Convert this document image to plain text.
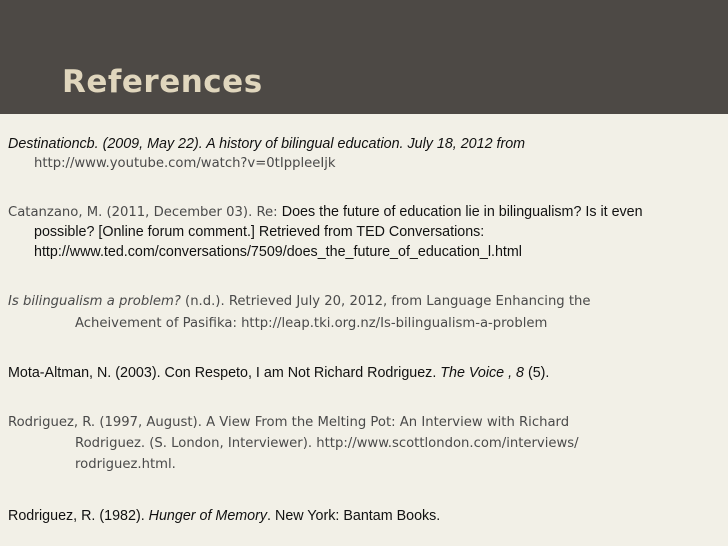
References
Destinationcb. (2009, May 22). A history of bilingual education. July 18, 2012 from
http://www.youtube.com/watch?v=0tIppleeIjk
Catanzano, M. (2011, December 03). Re: Does the future of education lie in bilingualism? Is it even
possible? [Online forum comment.] Retrieved from TED Conversations:
http://www.ted.com/conversations/7509/does_the_future_of_education_l.html
Is bilingualism a problem? (n.d.). Retrieved July 20, 2012, from Language Enhancing the
Acheivement of Pasifika: http://leap.tki.org.nz/Is-bilingualism-a-problem
Mota-Altman, N. (2003). Con Respeto, I am Not Richard Rodriguez. The Voice , 8 (5).
Rodriguez, R. (1997, August). A View From the Melting Pot: An Interview with Richard
Rodriguez. (S. London, Interviewer). http://www.scottlondon.com/interviews/
rodriguez.html.
Rodriguez, R. (1982). Hunger of Memory. New York: Bantam Books.
